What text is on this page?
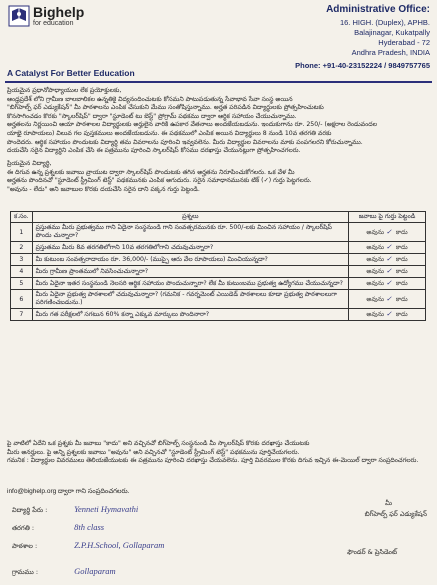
Bighelp
for education
A Catalyst For Better Education
Administrative Office:
16. HIGH. (Duplex), APHB.
Balajinagar, Kukatpally
Hyderabad - 72
Andhra Pradesh, INDIA
Phone: +91-40-23152224 / 9849757765
ప్రియమైన ప్రధానోపాధ్యాయుల లేక ప్రయోక్తులకు,
ఆంధ్రప్రదేశ్ లోని గ్రామీణ బాలబాలికల ఉన్నతికై విద్యనందించుటకు కోసమని పాటుపడుతున్న సేవాభావ సేవా సంస్థ అయిన
"బిగ్‌హెల్ప్ ఫర్ ఎడ్యుకేషన్" మీ పాఠశాలను ఎంపిక చేసుకుని మేము సంతోషిస్తున్నాము. అర్హత పరిపడిన విద్యార్థులకు ప్రోత్సహించుటకు
కొనసాగించడం కొరకు "స్కాలర్‌షిప్" ద్వారా "స్టూడెంట్ టు బెస్ట్" ప్రోగ్రామ్ పథకము ద్వారా ఆర్థిక సహాయం చేయుచున్నాము.
అర్హతలను నిర్ణయించి ఆయా పాఠశాలల విద్యార్థులకు అర్హులైన వారికి ఉపకార వేతనాలు అందజేయబడును. ఇందుకుగాను రూ. 250/- (అక్షరాల రెండువందల
యాభై రూపాయలు) విలువ గల పుస్తకములు అందజేయబడును. ఈ పథకములో ఎంపిక అయిన విద్యార్థులు 8 నుండి 10వ తరగతి వరకు
పొందెదరు. ఆర్థిక సహాయం పొందుటకు విద్యార్థి తమ వివరాలను పూరించి ఇవ్వవలెను. మీరు విద్యార్థుల వివరాలను మాకు పంపగలరని కోరుచున్నాము.
దయచేసి సరైన విద్యార్థిని ఎంపిక చేసి ఈ పత్రమును పూరించి స్కాలర్‌షిప్ కోసము దరఖాస్తు చేయునట్లుగా ప్రోత్సహించగలరు.
ప్రియమైన విద్యార్థి,
ఈ దిగువ ఉన్న ప్రశ్నలకు జవాబు వ్రాయుట ద్వారా స్కాలర్‌షిప్ పొందుటకు తగిన అర్హతను నిరూపించుకోగలరు. ఒక వేళ మీ
అర్హతను పొందినచో "స్టూడెంట్ స్ట్రీమింగ్ టెస్ట్" పథకమునకు ఎంపిక అగుదురు. సరైన సమాధానమునకు టిక్ (✓) గుర్తు పెట్టగలరు.
"అవును - లేదు" అని జవాబుల కొరకు దయచేసి సరైన దాని పక్కన గుర్తు పెట్టండి.
క.సం.	ప్రశ్నలు	జవాబు పై గుర్తు పెట్టండి
1	ప్రస్తుతము మీరు ప్రభుత్వము గాని ఏదైనా సంస్థనుండి గాని సంవత్సరమునకు రూ. 500/-లకు మించిన సహాయం / స్కాలర్‌షిప్ పొందు చున్నారా?	అవును ✓ కాదు
2	ప్రస్తుతము మీరు 8వ తరగతిలోగాని 10వ తరగతిలోగాని చదువుచున్నారా?	అవును ✓ కాదు
3	మీ కుటుంబ సంవత్సరాదాయం రూ. 36,000/- (ముప్పై ఆరు వేల రూపాయలు) మించియున్నదా?	అవును ✓ కాదు
4	మీరు గ్రామీణ ప్రాంతములో నివసించుచున్నారా?	అవును ✓ కాదు
5	మీరు ఏదైనా ఇతర సంస్థనుండి నెలసరి ఆర్థిక సహాయం పొందుచున్నారా? లేక మీ కుటుంబము ప్రభుత్వ ఉద్యోగము చేయుచున్నదా?	అవును ✓ కాదు
6	మీరు ఏదైనా ప్రభుత్వ పాఠశాలలో చదువుచున్నారా? (గమనిక - గవర్నమెంట్ ఎయిడెడ్ పాఠశాలలు కూడా ప్రభుత్వ పాఠశాలలుగా పరిగణించబడును.)	అవును ✓ కాదు
7	మీరు గత పరీక్షలలో సగటున 60% కన్నా ఎక్కువ మార్కులు పొందినారా?	అవును ✓ కాదు
పై వాటిలో ఏదేని ఒక ప్రశ్నకు మీ జవాబు "కాదు" అని వచ్చినచో బిగ్‌హెల్ప్ సంస్థనుండి మీ స్కాలర్‌షిప్ కొరకు దరఖాస్తు చేయుటకు
మీరు అనర్హులు. పై అన్ని ప్రశ్నలకు జవాబు "అవును" అని వచ్చినచో "స్టూడెంట్ స్ట్రీమింగ్ టెస్ట్" పథకమును పూర్తిచేయగలరు.
గమనిక : విద్యార్థుల వివరములు తెలియజేయుటకు ఈ పత్రమును పూరించి దరఖాస్తు చేయవలెను. పూర్తి వివరముల కొరకు దిగువ ఇచ్చిన ఈ-మెయిల్ ద్వారా సంప్రదించగలరు.
info@bighelp.org ద్వారా గాని సంప్రదించగలరు.
విద్యార్థి పేరు :	Yenneti Hymavathi
తరగతి :	8th class
పాఠశాల :	Z.P.H.School, Gollaparam
గ్రామము :	Gollaparam
మీ
బిగ్‌హెల్ప్ ఫర్ ఎడ్యుకేషన్
ఫౌండర్ & ప్రెసిడెంట్
